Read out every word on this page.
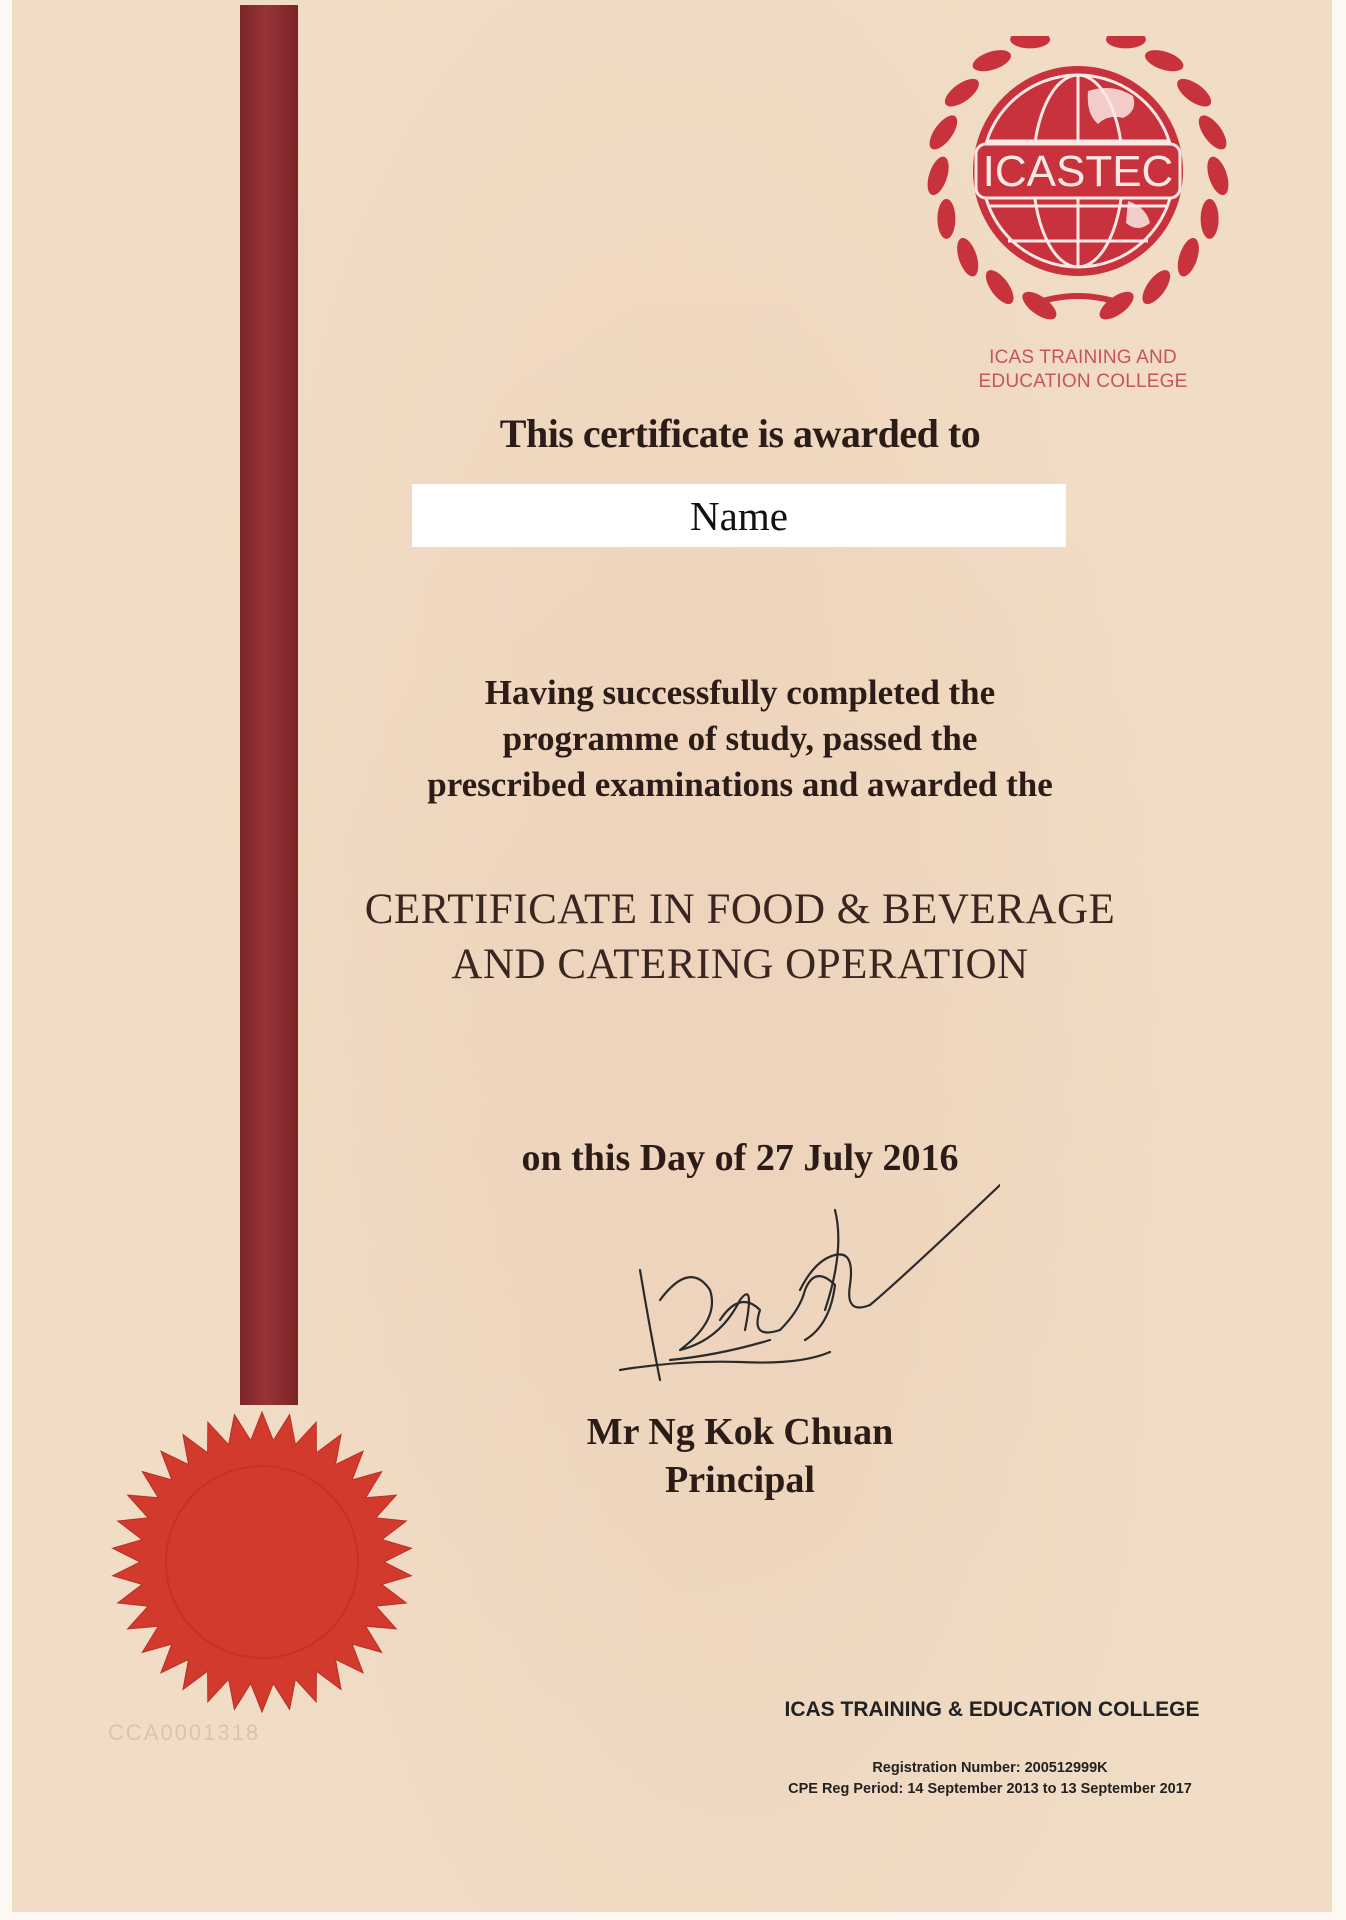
ICASTEC
ICAS TRAINING AND
EDUCATION COLLEGE
This certificate is awarded to
Name
Having successfully completed the
programme of study, passed the
prescribed examinations and awarded the
CERTIFICATE IN FOOD & BEVERAGE
AND CATERING OPERATION
on this Day of 27 July 2016
Mr Ng Kok Chuan
Principal
CCA0001318
ICAS TRAINING & EDUCATION COLLEGE
Registration Number: 200512999K
CPE Reg Period: 14 September 2013 to 13 September 2017
